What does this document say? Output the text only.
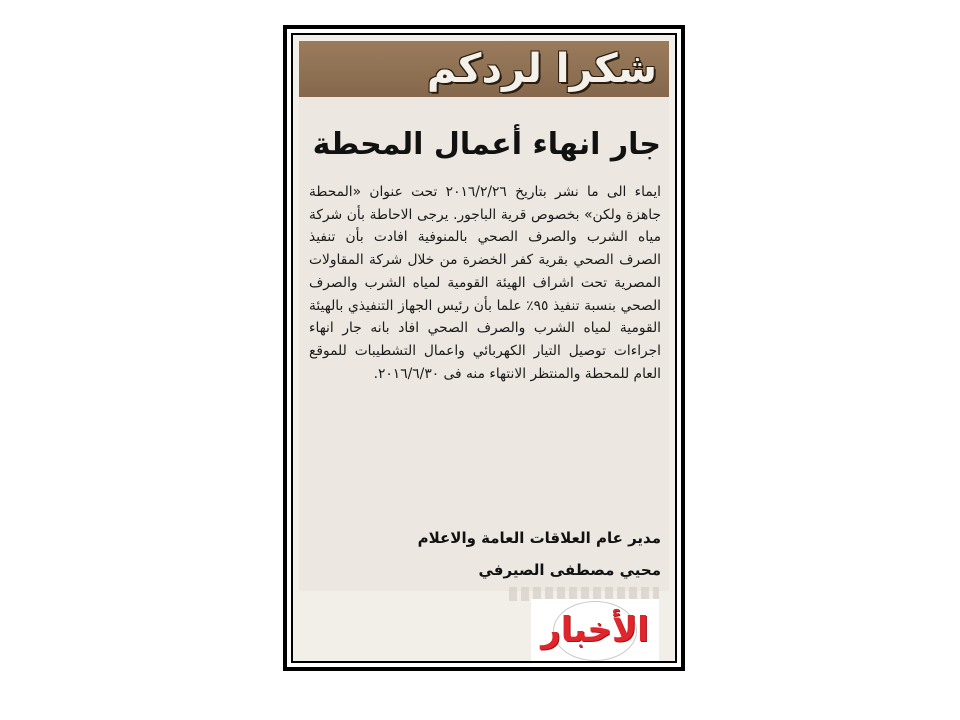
شكرا لردكم
جار انهاء أعمال المحطة
ايماء الى ما نشر بتاريخ ٢٠١٦/٢/٢٦ تحت عنوان «المحطة جاهزة ولكن» بخصوص قرية الباجور. يرجى الاحاطة بأن شركة مياه الشرب والصرف الصحي بالمنوفية افادت بأن تنفيذ الصرف الصحي بقرية كفر الخضرة من خلال شركة المقاولات المصرية تحت اشراف الهيئة القومية لمياه الشرب والصرف الصحي بنسبة تنفيذ ٩٥٪ علما بأن رئيس الجهاز التنفيذي بالهيئة القومية لمياه الشرب والصرف الصحي افاد بانه جار انهاء اجراءات توصيل التيار الكهربائي واعمال التشطيبات للموقع العام للمحطة والمنتظر الانتهاء منه فى ٢٠١٦/٦/٣٠.
مدير عام العلاقات العامة والاعلام
محيي مصطفى الصيرفي
الأخبار
